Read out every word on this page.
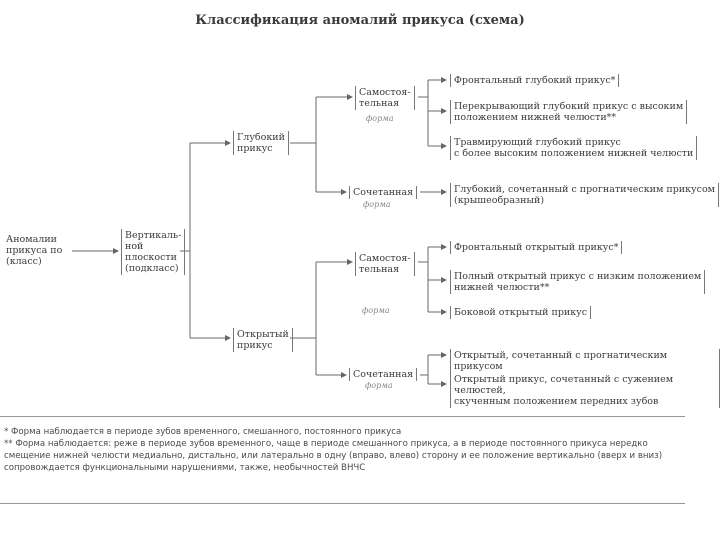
Классификация аномалий прикуса (схема)
Аномалии
прикуса по
(класс)
Вертикаль-
ной
плоскости
(подкласс)
Глубокий
прикус
Открытый
прикус
Самостоя-
тельная
форма
Сочетанная
форма
Самостоя-
тельная
форма
Сочетанная
форма
Фронтальный глубокий прикус*
Перекрывающий глубокий прикус с высоким
положением нижней челюсти**
Травмирующий глубокий прикус
с более высоким положением нижней челюсти
Глубокий, сочетанный с прогнатическим прикусом
(крышеобразный)
Фронтальный открытый прикус*
Полный открытый прикус с низким положением
нижней челюсти**
Боковой открытый прикус
Открытый, сочетанный с прогнатическим прикусом
Открытый прикус, сочетанный с сужением челюстей,
скученным положением передних зубов
* Форма наблюдается в периоде зубов временного, смешанного, постоянного прикуса
** Форма наблюдается: реже в периоде зубов временного, чаще в периоде смешанного прикуса, а в периоде постоянного прикуса нередко
смещение нижней челюсти медиально, дистально, или латерально в одну (вправо, влево) сторону и ее положение вертикально (вверх и вниз)
сопровождается функциональными нарушениями, также, необычностей ВНЧС
